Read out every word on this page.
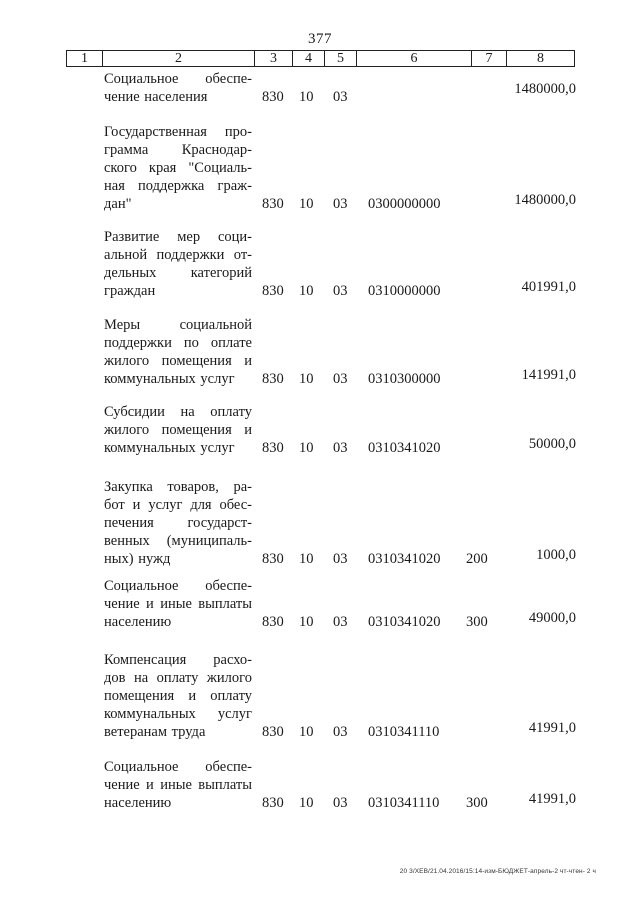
377
1	2	3	4	5	6	7	8
Социальное обеспе-
чение населения	830 10 03	1480000,0
Государственная про-
грамма Краснодар-
ского края "Социаль-
ная поддержка граж-
дан"	830 10 03 0300000000	1480000,0
Развитие мер соци-
альной поддержки от-
дельных категорий
граждан	830 10 03 0310000000	401991,0
Меры социальной
поддержки по оплате
жилого помещения и
коммунальных услуг	830 10 03 0310300000	141991,0
Субсидии на оплату
жилого помещения и
коммунальных услуг	830 10 03 0310341020	50000,0
Закупка товаров, ра-
бот и услуг для обес-
печения государст-
венных (муниципаль-
ных) нужд	830 10 03 0310341020 200	1000,0
Социальное обеспе-
чение и иные выплаты
населению	830 10 03 0310341020 300	49000,0
Компенсация расхо-
дов на оплату жилого
помещения и оплату
коммунальных услуг
ветеранам труда	830 10 03 0310341110	41991,0
Социальное обеспе-
чение и иные выплаты
населению	830 10 03 0310341110 300	41991,0
20 3/ХЕВ/21.04.2016/15:14-изм-БЮДЖЕТ-апрель-2 чт-чтен- 2 ч
